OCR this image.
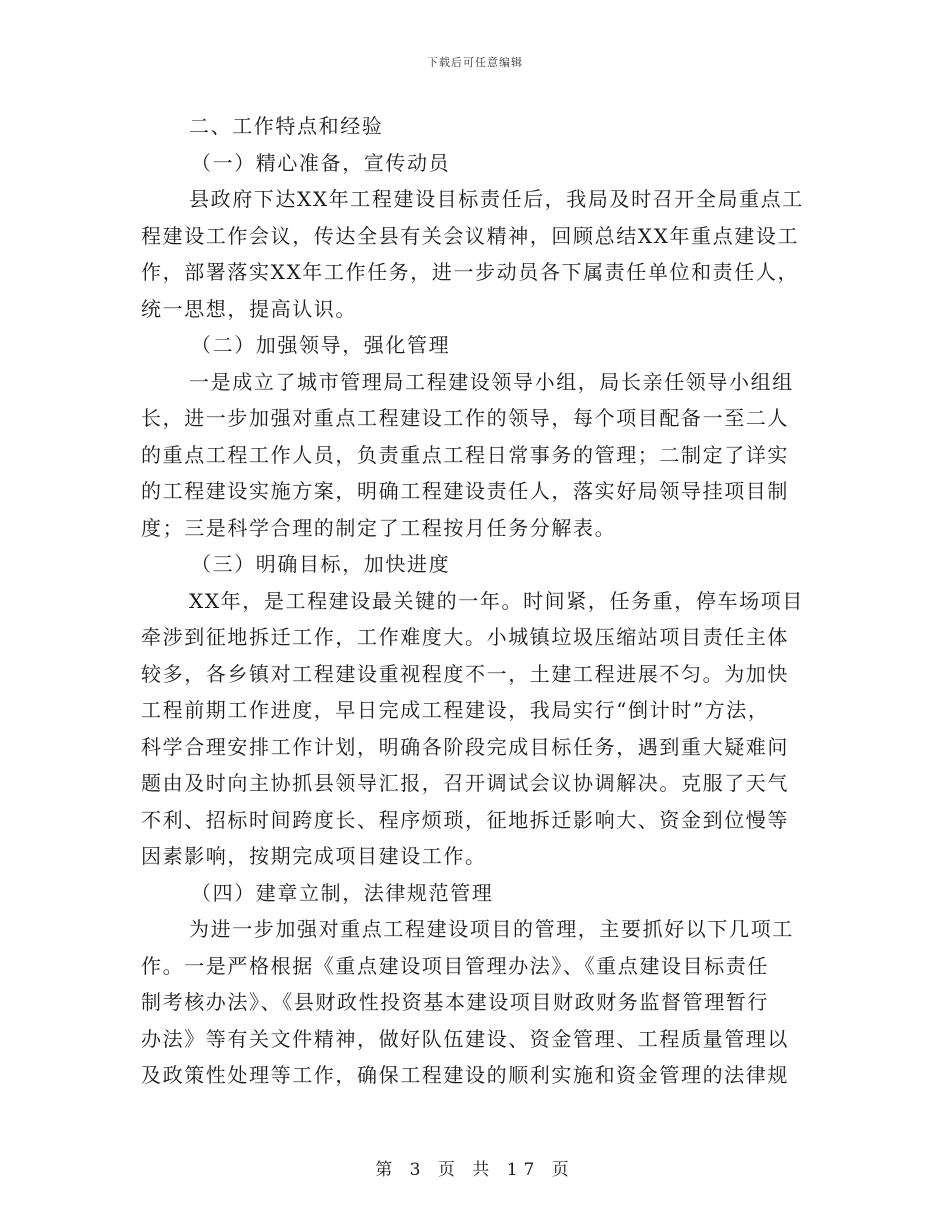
下载后可任意编辑
二、工作特点和经验
（一）精心准备，宣传动员
县政府下达XX年工程建设目标责任后，我局及时召开全局重点工
程建设工作会议，传达全县有关会议精神，回顾总结XX年重点建设工
作，部署落实XX年工作任务，进一步动员各下属责任单位和责任人，
统一思想，提高认识。
（二）加强领导，强化管理
一是成立了城市管理局工程建设领导小组，局长亲任领导小组组
长，进一步加强对重点工程建设工作的领导，每个项目配备一至二人
的重点工程工作人员，负责重点工程日常事务的管理；二制定了详实
的工程建设实施方案，明确工程建设责任人，落实好局领导挂项目制
度；三是科学合理的制定了工程按月任务分解表。
（三）明确目标，加快进度
XX年，是工程建设最关键的一年。时间紧，任务重，停车场项目
牵涉到征地拆迁工作，工作难度大。小城镇垃圾压缩站项目责任主体
较多，各乡镇对工程建设重视程度不一，土建工程进展不匀。为加快
工程前期工作进度，早日完成工程建设，我局实行“倒计时”方法，
科学合理安排工作计划，明确各阶段完成目标任务，遇到重大疑难问
题由及时向主协抓县领导汇报，召开调试会议协调解决。克服了天气
不利、招标时间跨度长、程序烦琐，征地拆迁影响大、资金到位慢等
因素影响，按期完成项目建设工作。
（四）建章立制，法律规范管理
为进一步加强对重点工程建设项目的管理，主要抓好以下几项工
作。一是严格根据《重点建设项目管理办法》、《重点建设目标责任
制考核办法》、《县财政性投资基本建设项目财政财务监督管理暂行
办法》等有关文件精神，做好队伍建设、资金管理、工程质量管理以
及政策性处理等工作，确保工程建设的顺利实施和资金管理的法律规
第 3 页 共 17 页
